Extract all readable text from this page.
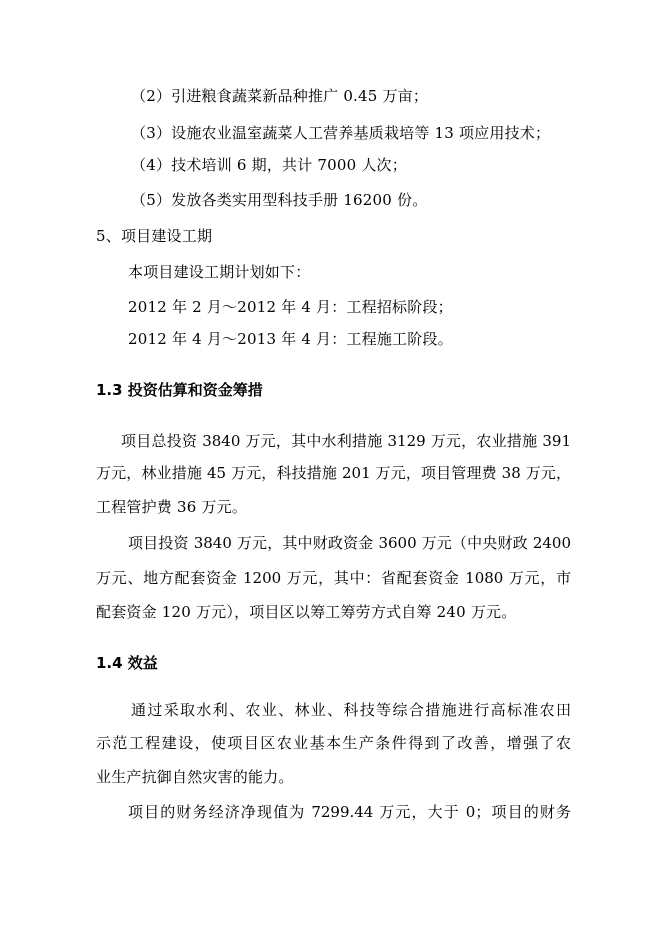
（2）引进粮食蔬菜新品种推广 0.45 万亩；
（3）设施农业温室蔬菜人工营养基质栽培等 13 项应用技术；
（4）技术培训 6 期，共计 7000 人次；
（5）发放各类实用型科技手册 16200 份。
5、项目建设工期
本项目建设工期计划如下：
2012 年 2 月～2012 年 4 月：工程招标阶段；
2012 年 4 月～2013 年 4 月：工程施工阶段。
1.3 投资估算和资金筹措
项目总投资 3840 万元，其中水利措施 3129 万元，农业措施 391
万元，林业措施 45 万元，科技措施 201 万元，项目管理费 38 万元，
工程管护费 36 万元。
项目投资 3840 万元，其中财政资金 3600 万元（中央财政 2400
万元、地方配套资金 1200 万元，其中：省配套资金 1080 万元，市
配套资金 120 万元），项目区以筹工筹劳方式自筹 240 万元。
1.4 效益
通过采取水利、农业、林业、科技等综合措施进行高标准农田
示范工程建设，使项目区农业基本生产条件得到了改善，增强了农
业生产抗御自然灾害的能力。
项目的财务经济净现值为 7299.44 万元，大于 0；项目的财务
